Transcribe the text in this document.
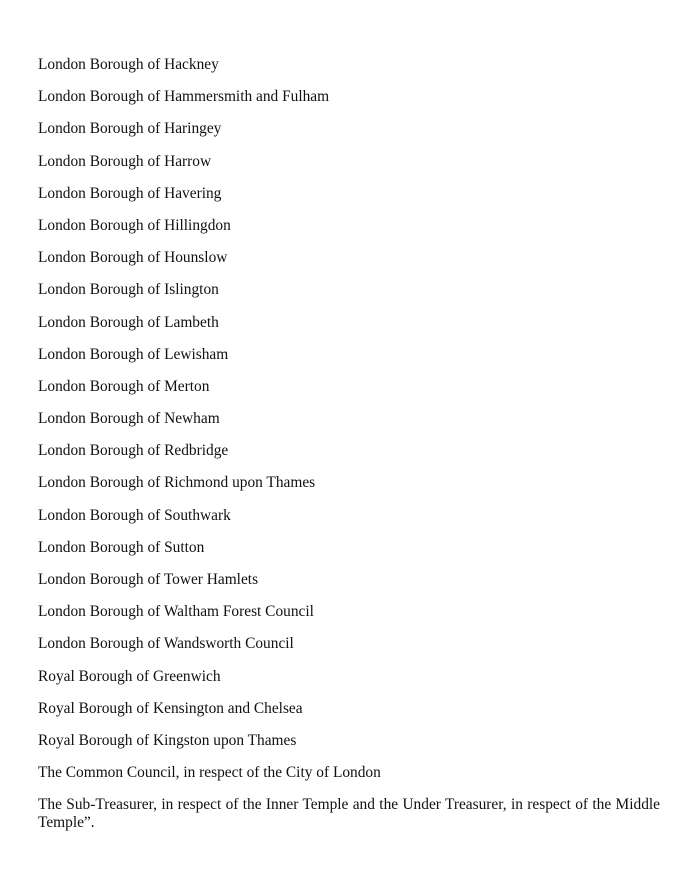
London Borough of Hackney
London Borough of Hammersmith and Fulham
London Borough of Haringey
London Borough of Harrow
London Borough of Havering
London Borough of Hillingdon
London Borough of Hounslow
London Borough of Islington
London Borough of Lambeth
London Borough of Lewisham
London Borough of Merton
London Borough of Newham
London Borough of Redbridge
London Borough of Richmond upon Thames
London Borough of Southwark
London Borough of Sutton
London Borough of Tower Hamlets
London Borough of Waltham Forest Council
London Borough of Wandsworth Council
Royal Borough of Greenwich
Royal Borough of Kensington and Chelsea
Royal Borough of Kingston upon Thames
The Common Council, in respect of the City of London
The Sub-Treasurer, in respect of the Inner Temple and the Under Treasurer, in respect of the Middle Temple”.
